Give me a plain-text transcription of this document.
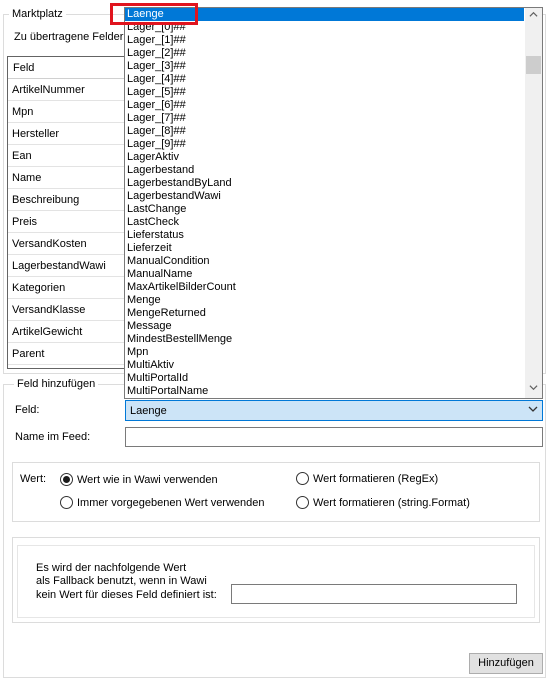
Marktplatz
Zu übertragene Felder
Feld
ArtikelNummer
Mpn
Hersteller
Ean
Name
Beschreibung
Preis
VersandKosten
LagerbestandWawi
Kategorien
VersandKlasse
ArtikelGewicht
Parent
Feld hinzufügen
Feld:	Laenge
Name im Feed:
Wert:	Wert wie in Wawi verwenden
Immer vorgegebenen Wert verwenden
Wert formatieren (RegEx)
Wert formatieren (string.Format)
Es wird der nachfolgende Wert
als Fallback benutzt, wenn in Wawi
kein Wert für dieses Feld definiert ist:
Hinzufügen
Laenge
Lager_[0]##
Lager_[1]##
Lager_[2]##
Lager_[3]##
Lager_[4]##
Lager_[5]##
Lager_[6]##
Lager_[7]##
Lager_[8]##
Lager_[9]##
LagerAktiv
Lagerbestand
LagerbestandByLand
LagerbestandWawi
LastChange
LastCheck
Lieferstatus
Lieferzeit
ManualCondition
ManualName
MaxArtikelBilderCount
Menge
MengeReturned
Message
MindestBestellMenge
Mpn
MultiAktiv
MultiPortalId
MultiPortalName
